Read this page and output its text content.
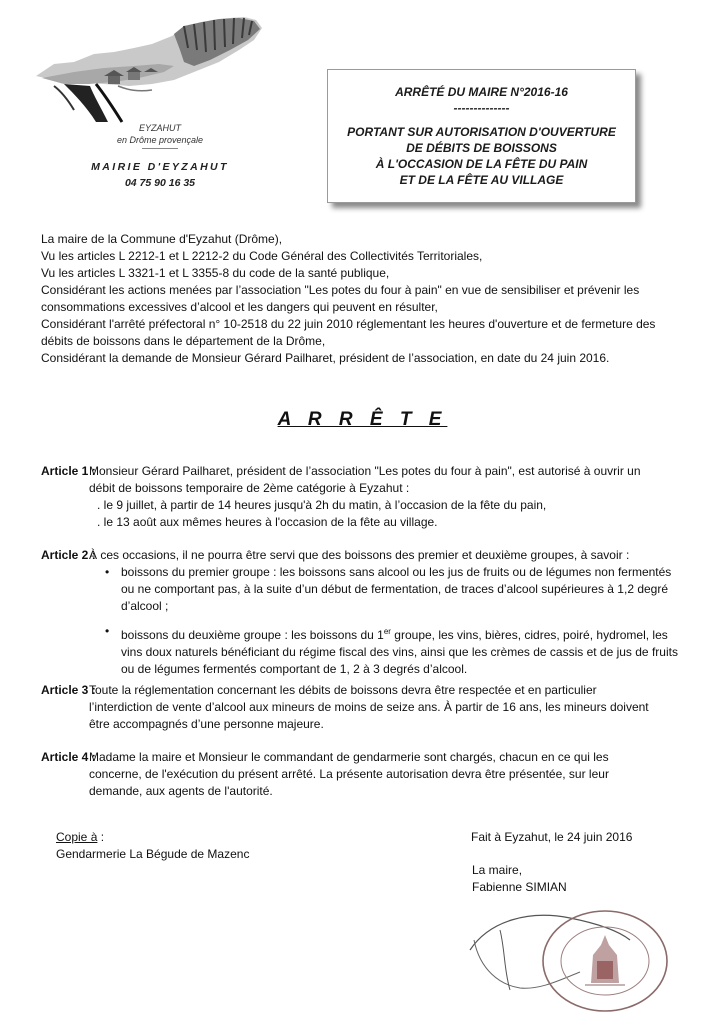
EYZAHUT
en Drôme provençale
MAIRIE D'EYZAHUT
04 75 90 16 35
ARRÊTÉ DU MAIRE N°2016-16
--------------
PORTANT SUR AUTORISATION D'OUVERTURE
DE DÉBITS DE BOISSONS
À L'OCCASION DE LA FÊTE DU PAIN
ET DE LA FÊTE AU VILLAGE
La maire de la Commune d'Eyzahut (Drôme),
Vu les articles L 2212-1 et L 2212-2 du Code Général des Collectivités Territoriales,
Vu les articles L 3321-1 et L 3355-8 du code de la santé publique,
Considérant les actions menées par l’association "Les potes du four à pain" en vue de sensibiliser et prévenir les
consommations excessives d’alcool et les dangers qui peuvent en résulter,
Considérant l'arrêté préfectoral n° 10-2518 du 22 juin 2010 réglementant les heures d'ouverture et de fermeture des
débits de boissons dans le département de la Drôme,
Considérant la demande de Monsieur Gérard Pailharet, président de l’association, en date du 24 juin 2016.
A R R Ê T E
Article 1 :
Monsieur Gérard Pailharet, président de l’association "Les potes du four à pain", est autorisé à ouvrir un
débit de boissons temporaire de 2ème catégorie à Eyzahut :
. le 9 juillet, à partir de 14 heures jusqu'à 2h du matin, à l’occasion de la fête du pain,
. le 13 août aux mêmes heures à l'occasion de la fête au village.
Article 2 :
À ces occasions, il ne pourra être servi que des boissons des premier et deuxième groupes, à savoir :
• boissons du premier groupe : les boissons sans alcool ou les jus de fruits ou de légumes non fermentés
ou ne comportant pas, à la suite d’un début de fermentation, de traces d’alcool supérieures à 1,2 degré
d’alcool ;
• boissons du deuxième groupe : les boissons du 1er groupe, les vins, bières, cidres, poiré, hydromel, les
vins doux naturels bénéficiant du régime fiscal des vins, ainsi que les crèmes de cassis et de jus de fruits
ou de légumes fermentés comportant de 1, 2 à 3 degrés d’alcool.
Article 3 :
Toute la réglementation concernant les débits de boissons devra être respectée et en particulier
l’interdiction de vente d’alcool aux mineurs de moins de seize ans. À partir de 16 ans, les mineurs doivent
être accompagnés d’une personne majeure.
Article 4 :
Madame la maire et Monsieur le commandant de gendarmerie sont chargés, chacun en ce qui les
concerne, de l'exécution du présent arrêté. La présente autorisation devra être présentée, sur leur
demande, aux agents de l'autorité.
Copie à :
Gendarmerie La Bégude de Mazenc
Fait à Eyzahut, le 24 juin 2016
La maire,
Fabienne SIMIAN
